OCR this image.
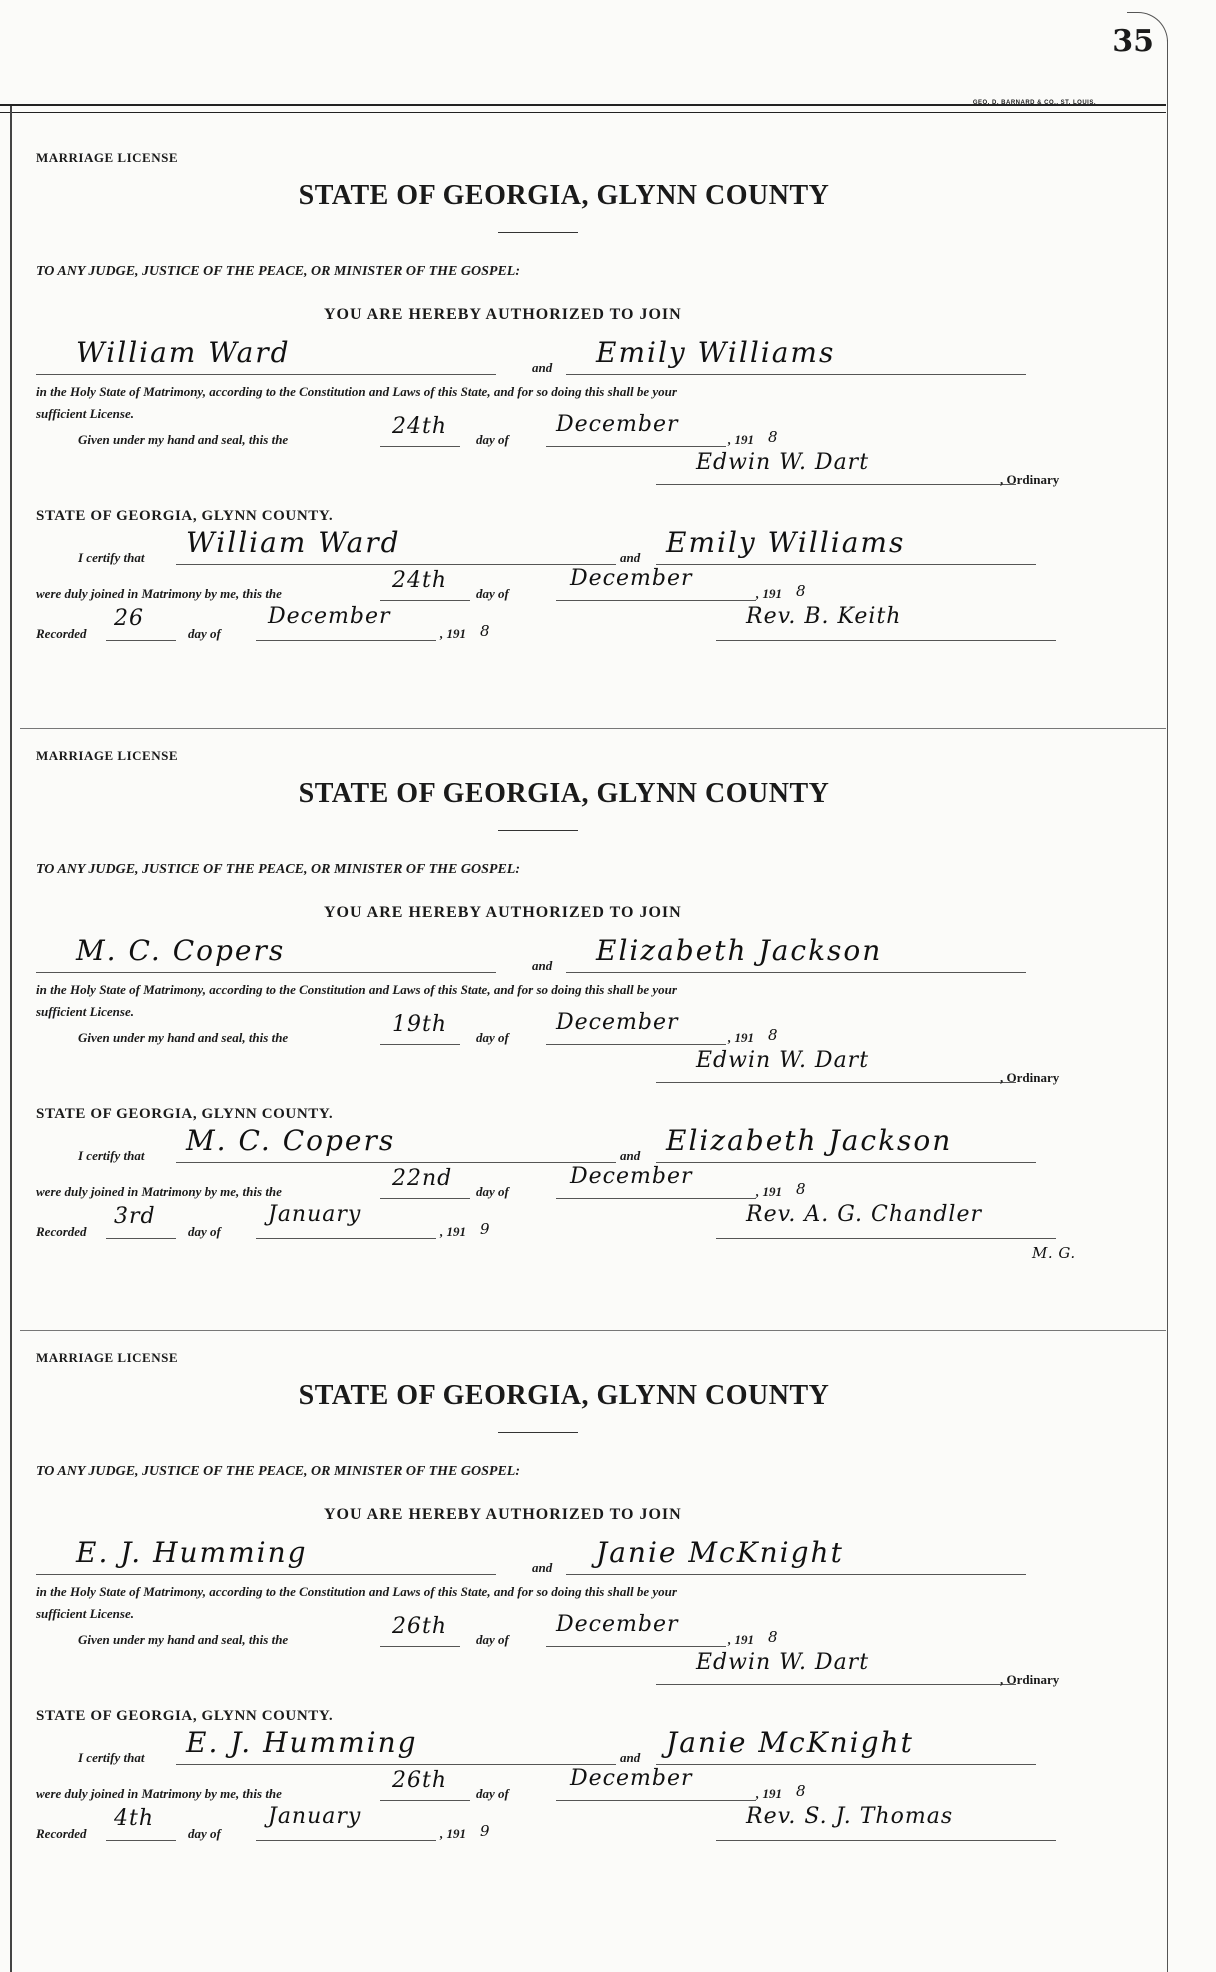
35
GEO. D. BARNARD & CO., ST. LOUIS.
MARRIAGE LICENSE
STATE OF GEORGIA, GLYNN COUNTY
TO ANY JUDGE, JUSTICE OF THE PEACE, OR MINISTER OF THE GOSPEL:
YOU ARE HEREBY AUTHORIZED TO JOIN
William Ward	and Emily Williams
in the Holy State of Matrimony, according to the Constitution and Laws of this State, and for so doing this shall be your
sufficient License.
Given under my hand and seal, this the
24th
day of
December
, 191 8
Edwin W. Dart
, Ordinary
STATE OF GEORGIA, GLYNN COUNTY.
I certify that William Ward	and Emily Williams
were duly joined in Matrimony by me, this the
24th
day of
December
, 191 8
Recorded
26
day of
December
, 191 8
Rev. B. Keith
MARRIAGE LICENSE
STATE OF GEORGIA, GLYNN COUNTY
TO ANY JUDGE, JUSTICE OF THE PEACE, OR MINISTER OF THE GOSPEL:
YOU ARE HEREBY AUTHORIZED TO JOIN
M. C. Copers	and Elizabeth Jackson
in the Holy State of Matrimony, according to the Constitution and Laws of this State, and for so doing this shall be your
sufficient License.
Given under my hand and seal, this the
19th
day of
December
, 191 8
Edwin W. Dart
, Ordinary
STATE OF GEORGIA, GLYNN COUNTY.
I certify that M. C. Copers	and Elizabeth Jackson
were duly joined in Matrimony by me, this the
22nd
day of
December
, 191 8
Recorded
3rd
day of
January
, 191 9
Rev. A. G. Chandler
M. G.
MARRIAGE LICENSE
STATE OF GEORGIA, GLYNN COUNTY
TO ANY JUDGE, JUSTICE OF THE PEACE, OR MINISTER OF THE GOSPEL:
YOU ARE HEREBY AUTHORIZED TO JOIN
E. J. Humming	and Janie McKnight
in the Holy State of Matrimony, according to the Constitution and Laws of this State, and for so doing this shall be your
sufficient License.
Given under my hand and seal, this the
26th
day of
December
, 191 8
Edwin W. Dart
, Ordinary
STATE OF GEORGIA, GLYNN COUNTY.
I certify that E. J. Humming	and Janie McKnight
were duly joined in Matrimony by me, this the
26th
day of
December
, 191 8
Recorded
4th
day of
January
, 191 9
Rev. S. J. Thomas
